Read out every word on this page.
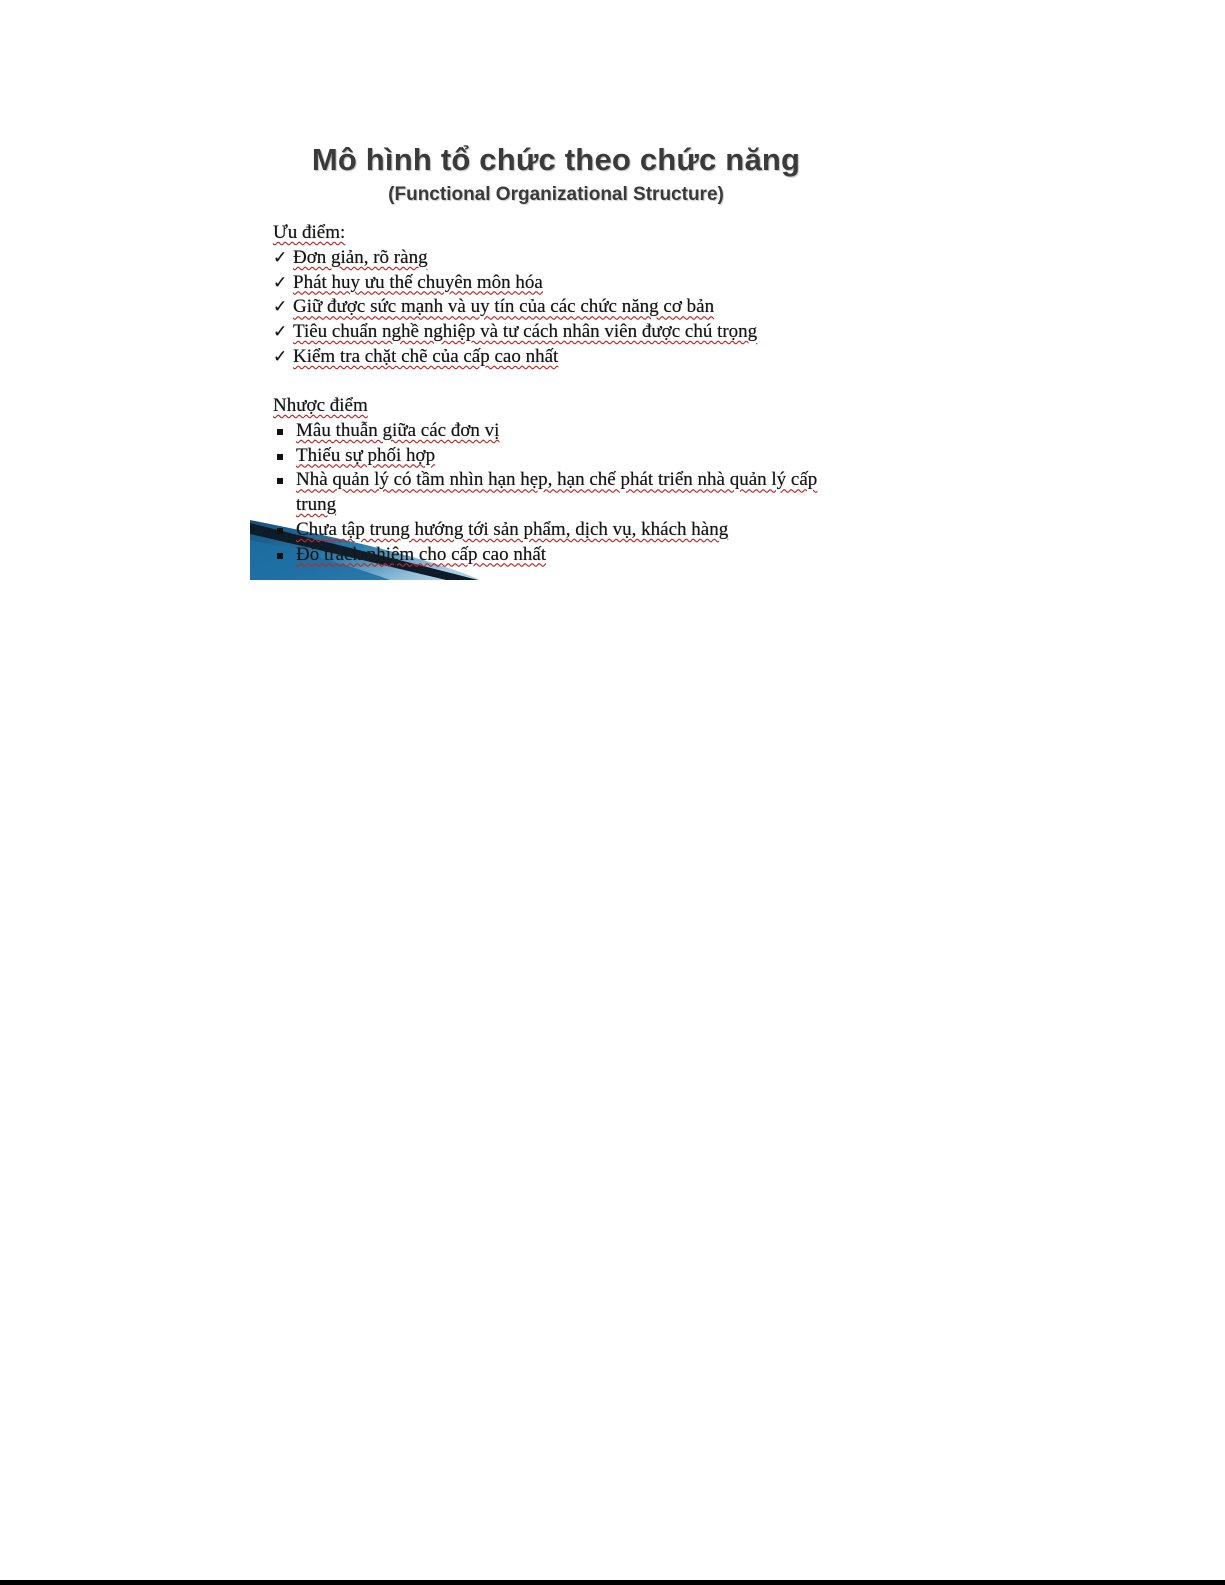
Mô hình tổ chức theo chức năng
(Functional Organizational Structure)
Ưu điểm:
✓ Đơn giản, rõ ràng
✓ Phát huy ưu thế chuyên môn hóa
✓ Giữ được sức mạnh và uy tín của các chức năng cơ bản
✓ Tiêu chuẩn nghề nghiệp và tư cách nhân viên được chú trọng
✓ Kiểm tra chặt chẽ của cấp cao nhất
Nhược điểm
Mâu thuẫn giữa các đơn vị
Thiếu sự phối hợp
Nhà quản lý có tầm nhìn hạn hẹp, hạn chế phát triển nhà quản lý cấp trung
Chưa tập trung hướng tới sản phẩm, dịch vụ, khách hàng
Đổ trách nhiệm cho cấp cao nhất
